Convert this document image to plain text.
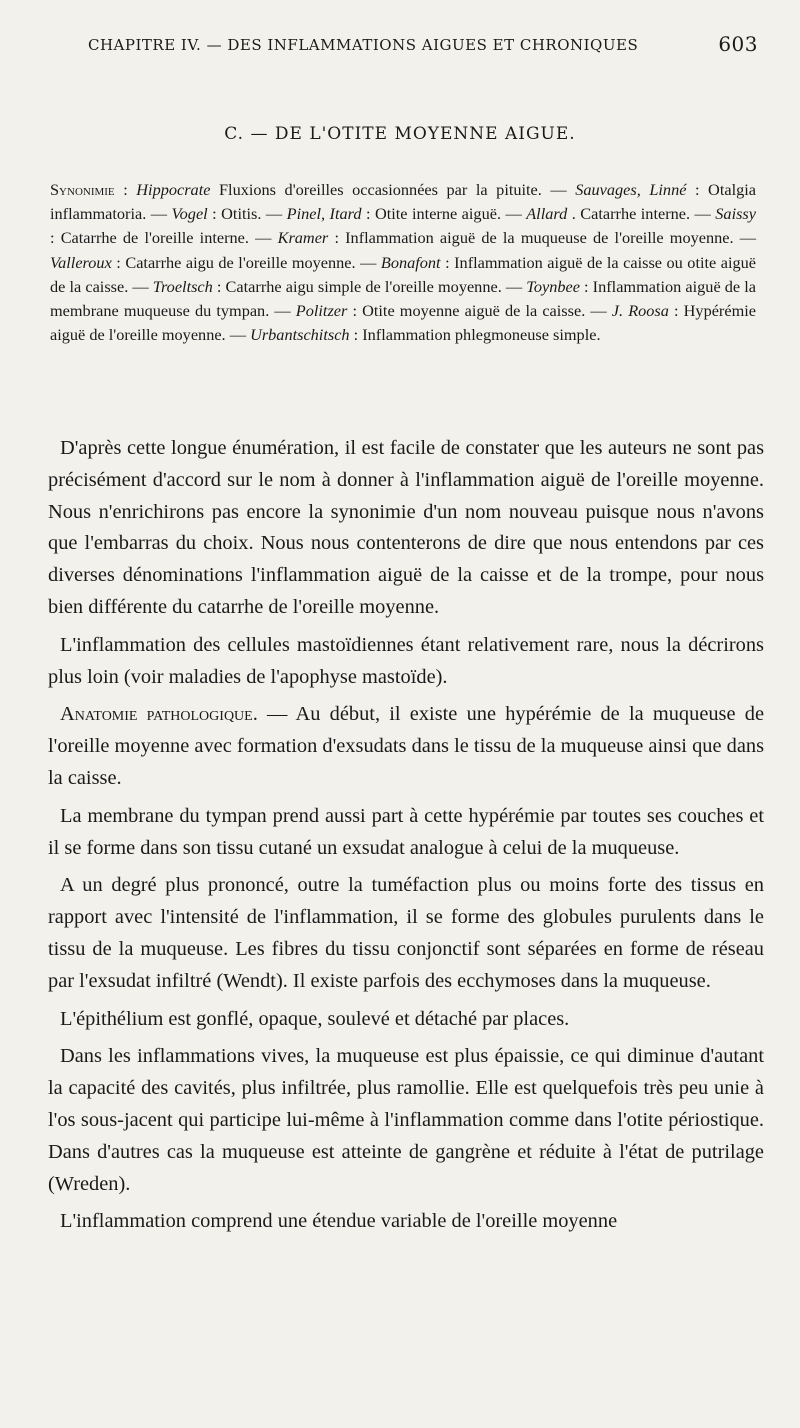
CHAPITRE IV. — DES INFLAMMATIONS AIGUES ET CHRONIQUES	603
C. — DE L'OTITE MOYENNE AIGUE.
Synonimie : Hippocrate Fluxions d'oreilles occasionnées par la pituite. — Sauvages, Linné : Otalgia inflammatoria. — Vogel : Otitis. — Pinel, Itard : Otite interne aiguë. — Allard . Catarrhe interne. — Saissy : Catarrhe de l'oreille interne. — Kramer : Inflammation aiguë de la muqueuse de l'oreille moyenne. — Valleroux : Catarrhe aigu de l'oreille moyenne. — Bonafont : Inflammation aiguë de la caisse ou otite aiguë de la caisse. — Troeltsch : Catarrhe aigu simple de l'oreille moyenne. — Toynbee : Inflammation aiguë de la membrane muqueuse du tympan. — Politzer : Otite moyenne aiguë de la caisse. — J. Roosa : Hypérémie aiguë de l'oreille moyenne. — Urbantschitsch : Inflammation phlegmoneuse simple.

D'après cette longue énumération, il est facile de constater que les auteurs ne sont pas précisément d'accord sur le nom à donner à l'inflammation aiguë de l'oreille moyenne. Nous n'enrichirons pas encore la synonimie d'un nom nouveau puisque nous n'avons que l'embarras du choix. Nous nous contenterons de dire que nous entendons par ces diverses dénominations l'inflammation aiguë de la caisse et de la trompe, pour nous bien différente du catarrhe de l'oreille moyenne.

L'inflammation des cellules mastoïdiennes étant relativement rare, nous la décrirons plus loin (voir maladies de l'apophyse mastoïde).

Anatomie pathologique. — Au début, il existe une hypérémie de la muqueuse de l'oreille moyenne avec formation d'exsudats dans le tissu de la muqueuse ainsi que dans la caisse.

La membrane du tympan prend aussi part à cette hypérémie par toutes ses couches et il se forme dans son tissu cutané un exsudat analogue à celui de la muqueuse.

A un degré plus prononcé, outre la tuméfaction plus ou moins forte des tissus en rapport avec l'intensité de l'inflammation, il se forme des globules purulents dans le tissu de la muqueuse. Les fibres du tissu conjonctif sont séparées en forme de réseau par l'exsudat infiltré (Wendt). Il existe parfois des ecchymoses dans la muqueuse.

L'épithélium est gonflé, opaque, soulevé et détaché par places.

Dans les inflammations vives, la muqueuse est plus épaissie, ce qui diminue d'autant la capacité des cavités, plus infiltrée, plus ramollie. Elle est quelquefois très peu unie à l'os sous-jacent qui participe lui-même à l'inflammation comme dans l'otite périostique. Dans d'autres cas la muqueuse est atteinte de gangrène et réduite à l'état de putrilage (Wreden).

L'inflammation comprend une étendue variable de l'oreille moyenne
